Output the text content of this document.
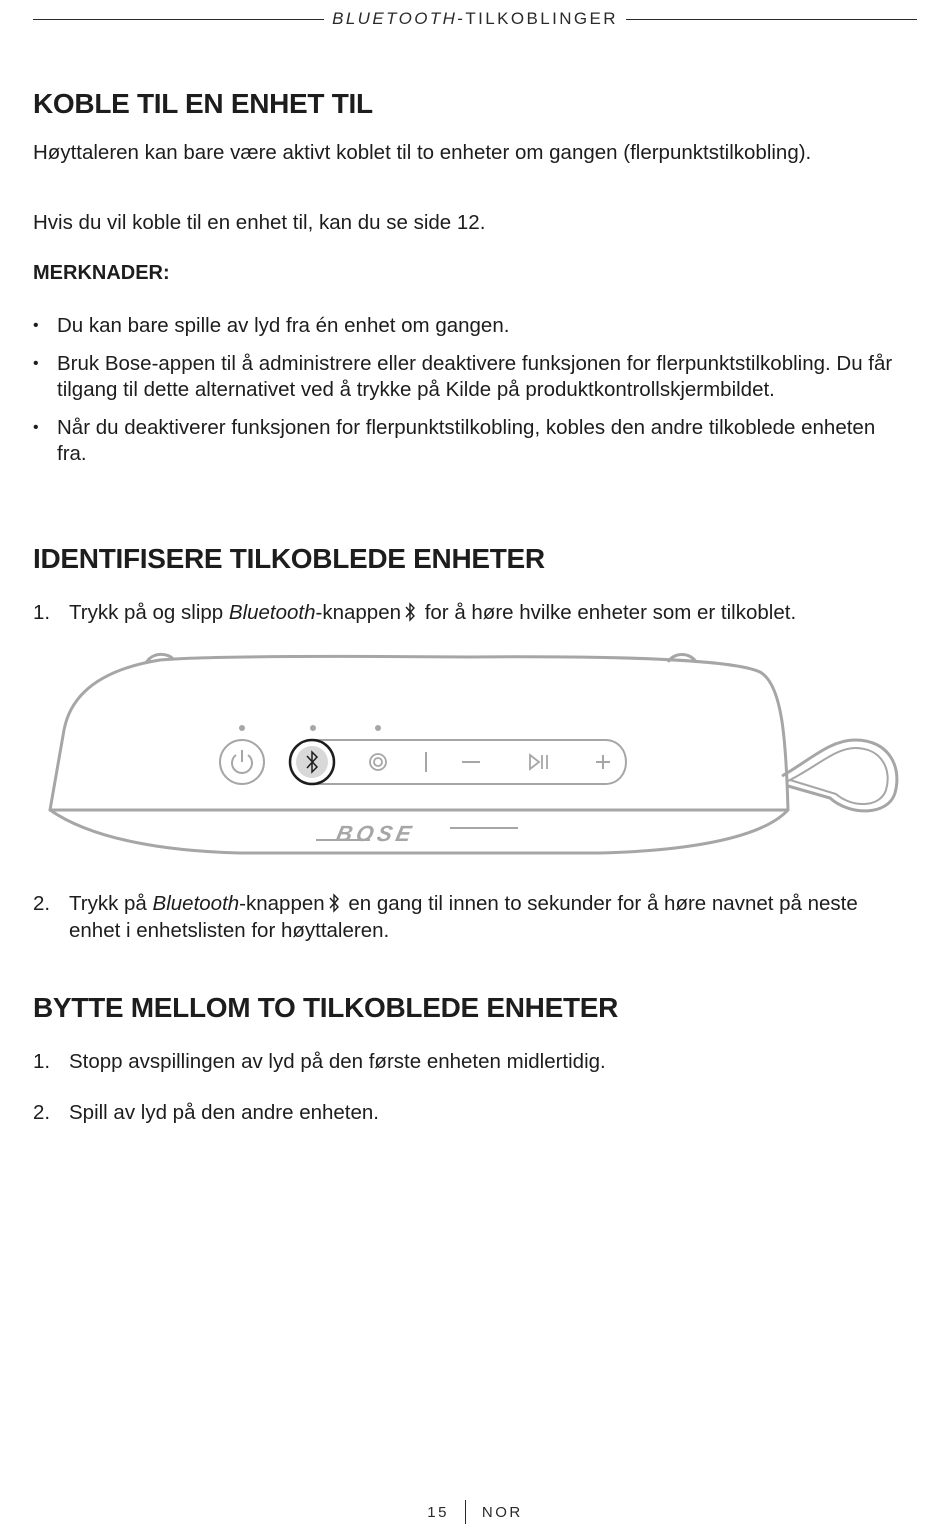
BLUETOOTH-TILKOBLINGER
KOBLE TIL EN ENHET TIL

Høyttaleren kan bare være aktivt koblet til to enheter om gangen (flerpunktstilkobling).

Hvis du vil koble til en enhet til, kan du se side 12.

MERKNADER:
• Du kan bare spille av lyd fra én enhet om gangen.
• Bruk Bose-appen til å administrere eller deaktivere funksjonen for flerpunktstilkobling. Du får tilgang til dette alternativet ved å trykke på Kilde på produktkontrollskjermbildet.
• Når du deaktiverer funksjonen for flerpunktstilkobling, kobles den andre tilkoblede enheten fra.
IDENTIFISERE TILKOBLEDE ENHETER
1. Trykk på og slipp Bluetooth-knappen for å høre hvilke enheter som er tilkoblet.
BOSE
2. Trykk på Bluetooth-knappen en gang til innen to sekunder for å høre navnet på neste enhet i enhetslisten for høyttaleren.
BYTTE MELLOM TO TILKOBLEDE ENHETER
1. Stopp avspillingen av lyd på den første enheten midlertidig.
2. Spill av lyd på den andre enheten.
15 NOR
